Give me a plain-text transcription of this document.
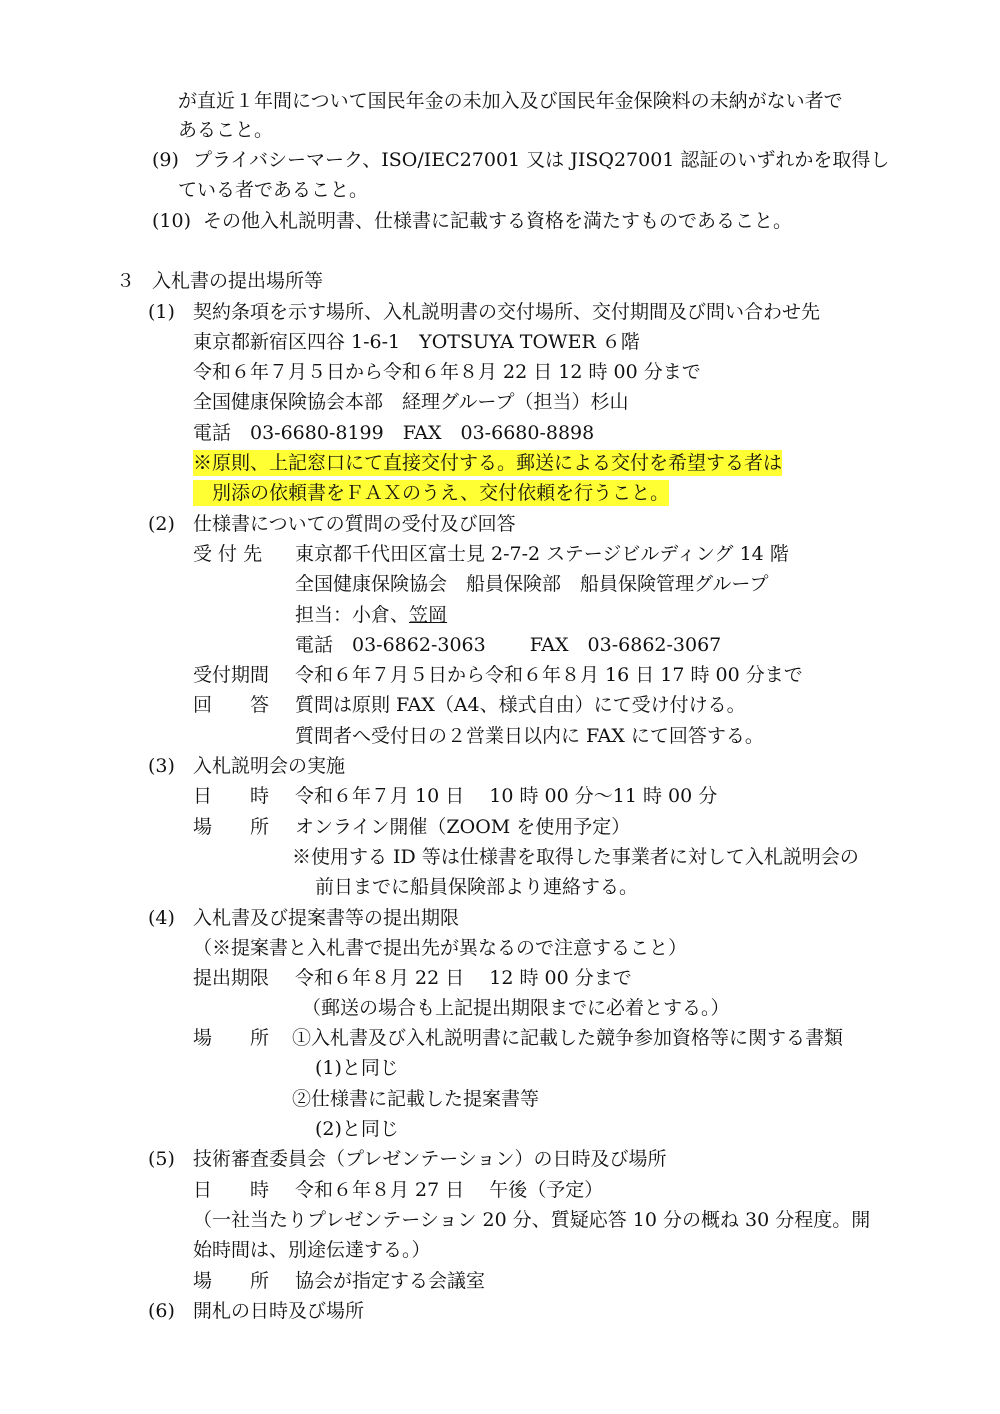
が直近１年間について国民年金の未加入及び国民年金保険料の未納がない者で
あること。
(9) プライバシーマーク、ISO/IEC27001 又は JISQ27001 認証のいずれかを取得し
ている者であること。
(10) その他入札説明書、仕様書に記載する資格を満たすものであること。
３ 入札書の提出場所等
(1) 契約条項を示す場所、入札説明書の交付場所、交付期間及び問い合わせ先
東京都新宿区四谷 1-6-1　YOTSUYA TOWER ６階
令和６年７月５日から令和６年８月 22 日 12 時 00 分まで
全国健康保険協会本部　経理グループ（担当）杉山
電話　03-6680-8199　FAX　03-6680-8898
※原則、上記窓口にて直接交付する。郵送による交付を希望する者は
　別添の依頼書をＦＡＸのうえ、交付依頼を行うこと。
(2) 仕様書についての質問の受付及び回答
受 付 先 東京都千代田区富士見 2-7-2 ステージビルディング 14 階
全国健康保険協会　船員保険部　船員保険管理グループ
担当：小倉、笠岡
電話　03-6862-3063　　 FAX　03-6862-3067
受付期間 令和６年７月５日から令和６年８月 16 日 17 時 00 分まで
回　　答 質問は原則 FAX（A4、様式自由）にて受け付ける。
質問者へ受付日の２営業日以内に FAX にて回答する。
(3) 入札説明会の実施
日　　時 令和６年７月 10 日　 10 時 00 分～11 時 00 分
場　　所 オンライン開催（ZOOM を使用予定）
※使用する ID 等は仕様書を取得した事業者に対して入札説明会の
前日までに船員保険部より連絡する。
(4) 入札書及び提案書等の提出期限
（※提案書と入札書で提出先が異なるので注意すること）
提出期限 令和６年８月 22 日　 12 時 00 分まで
（郵送の場合も上記提出期限までに必着とする。）
場　　所 ①入札書及び入札説明書に記載した競争参加資格等に関する書類
(1)と同じ
②仕様書に記載した提案書等
(2)と同じ
(5) 技術審査委員会（プレゼンテーション）の日時及び場所
日　　時 令和６年８月 27 日　 午後（予定）
（一社当たりプレゼンテーション 20 分、質疑応答 10 分の概ね 30 分程度。開
始時間は、別途伝達する。）
場　　所 協会が指定する会議室
(6) 開札の日時及び場所
